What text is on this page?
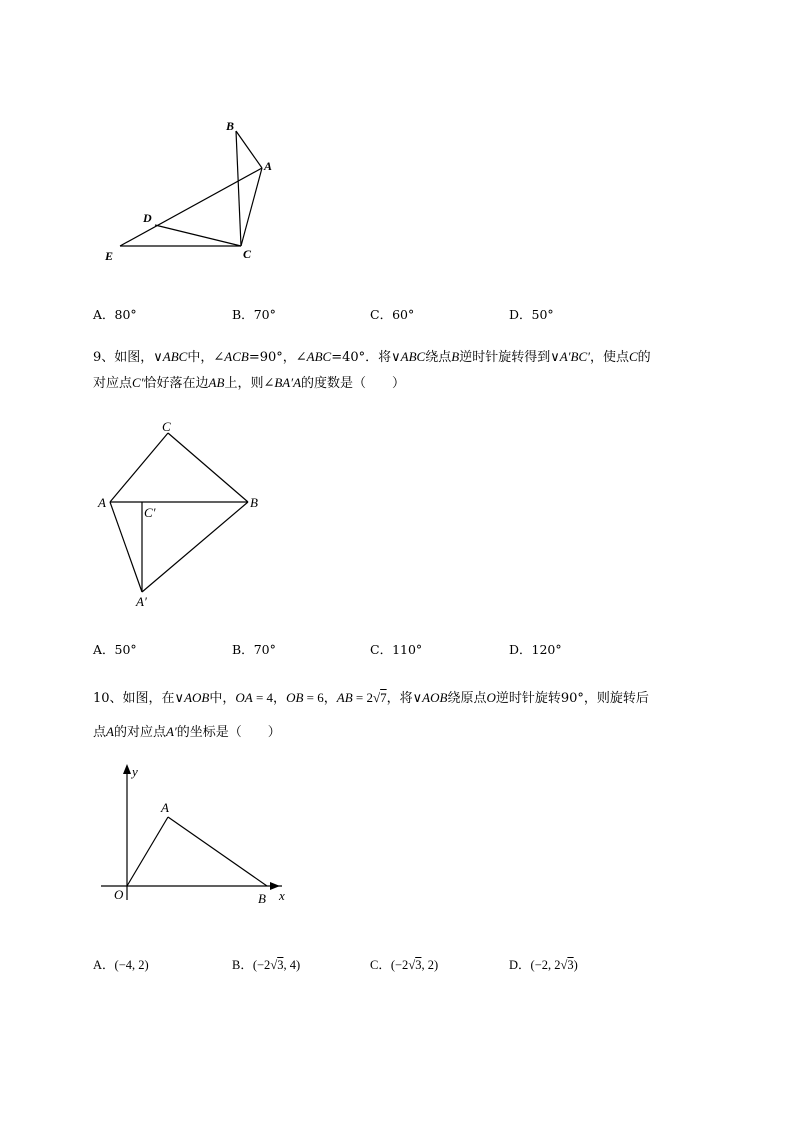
B
A
D
E	C
A．80°	B．70°	C．60°	D．50°
9、如图，∨ABC中，∠ACB=90°，∠ABC=40°．将∨ABC绕点B逆时针旋转得到∨A′BC′，使点C的
对应点C′恰好落在边AB上，则∠BA′A的度数是（　　）
C
A	B
C′
A′
A．50°	B．70°	C．110°	D．120°
10、如图，在∨AOB中，OA = 4，OB = 6，AB = 2√7，将∨AOB绕原点O逆时针旋转90°，则旋转后
点A的对应点A′的坐标是（　　）
y
A
O	B x
A．(−4, 2)	B．(−2√3, 4)	C．(−2√3, 2)	D．(−2, 2√3)
